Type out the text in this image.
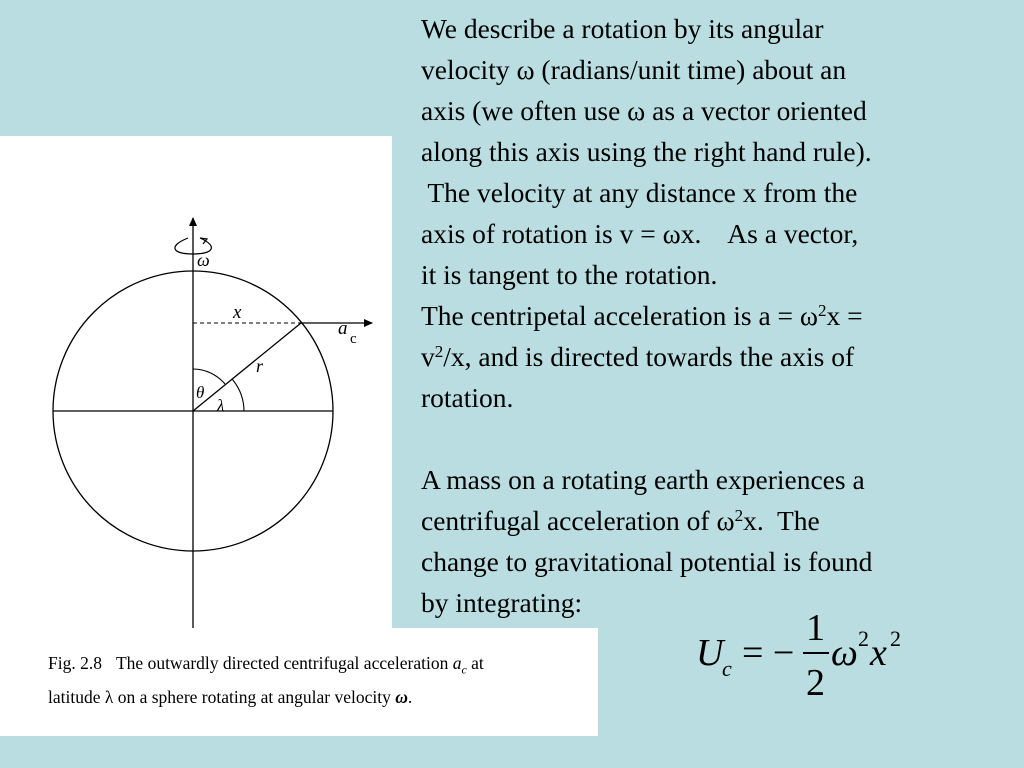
ω
x
a c
r
θ
λ
Fig. 2.8 The outwardly directed centrifugal acceleration $a_c$ at
latitude λ on a sphere rotating at angular velocity ω.

We describe a rotation by its angular

velocity ω (radians/unit time) about an

axis (we often use ω as a vector oriented

along this axis using the right hand rule).

The velocity at any distance x from the

axis of rotation is v = ωx.    As a vector,

it is tangent to the rotation.

The centripetal acceleration is $a = \omega^2x$ =

$v^2/x$, and is directed towards the axis of

rotation.

A mass on a rotating earth experiences a

centrifugal acceleration of $\omega^2x$.  The

change to gravitational potential is found

by integrating:

U
c = −
1
2
ω 2 x 2
